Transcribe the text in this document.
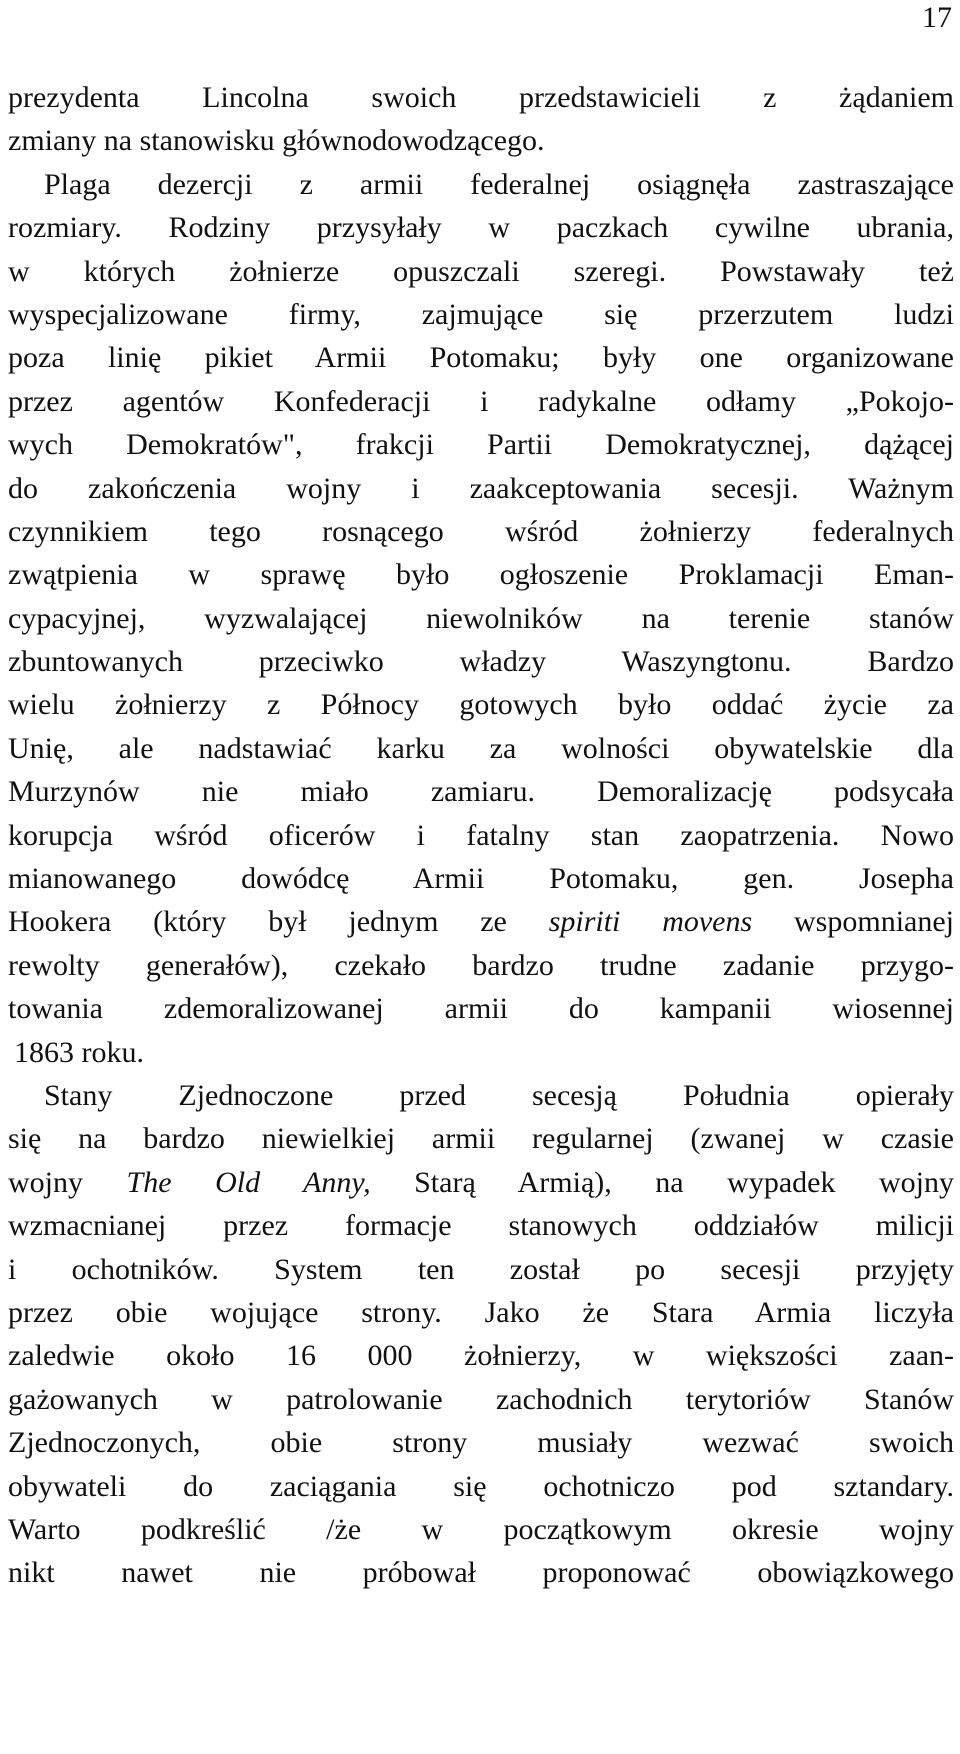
17
prezydenta Lincolna swoich przedstawicieli z żądaniem
zmiany na stanowisku głównodowodzącego.
Plaga dezercji z armii federalnej osiągnęła zastraszające
rozmiary. Rodziny przysyłały w paczkach cywilne ubrania,
w których żołnierze opuszczali szeregi. Powstawały też
wyspecjalizowane firmy, zajmujące się przerzutem ludzi
poza linię pikiet Armii Potomaku; były one organizowane
przez agentów Konfederacji i radykalne odłamy „Pokojo-
wych Demokratów", frakcji Partii Demokratycznej, dążącej
do zakończenia wojny i zaakceptowania secesji. Ważnym
czynnikiem tego rosnącego wśród żołnierzy federalnych
zwątpienia w sprawę było ogłoszenie Proklamacji Eman-
cypacyjnej, wyzwalającej niewolników na terenie stanów
zbuntowanych przeciwko władzy Waszyngtonu. Bardzo
wielu żołnierzy z Północy gotowych było oddać życie za
Unię, ale nadstawiać karku za wolności obywatelskie dla
Murzynów nie miało zamiaru. Demoralizację podsycała
korupcja wśród oficerów i fatalny stan zaopatrzenia. Nowo
mianowanego dowódcę Armii Potomaku, gen. Josepha
Hookera (który był jednym ze spiriti movens wspomnianej
rewolty generałów), czekało bardzo trudne zadanie przygo-
towania zdemoralizowanej armii do kampanii wiosennej
1863 roku.
Stany Zjednoczone przed secesją Południa opierały
się na bardzo niewielkiej armii regularnej (zwanej w czasie
wojny The Old Anny, Starą Armią), na wypadek wojny
wzmacnianej przez formacje stanowych oddziałów milicji
i ochotników. System ten został po secesji przyjęty
przez obie wojujące strony. Jako że Stara Armia liczyła
zaledwie około 16 000 żołnierzy, w większości zaan-
gażowanych w patrolowanie zachodnich terytoriów Stanów
Zjednoczonych, obie strony musiały wezwać swoich
obywateli do zaciągania się ochotniczo pod sztandary.
Warto podkreślić /że w początkowym okresie wojny
nikt nawet nie próbował proponować obowiązkowego
